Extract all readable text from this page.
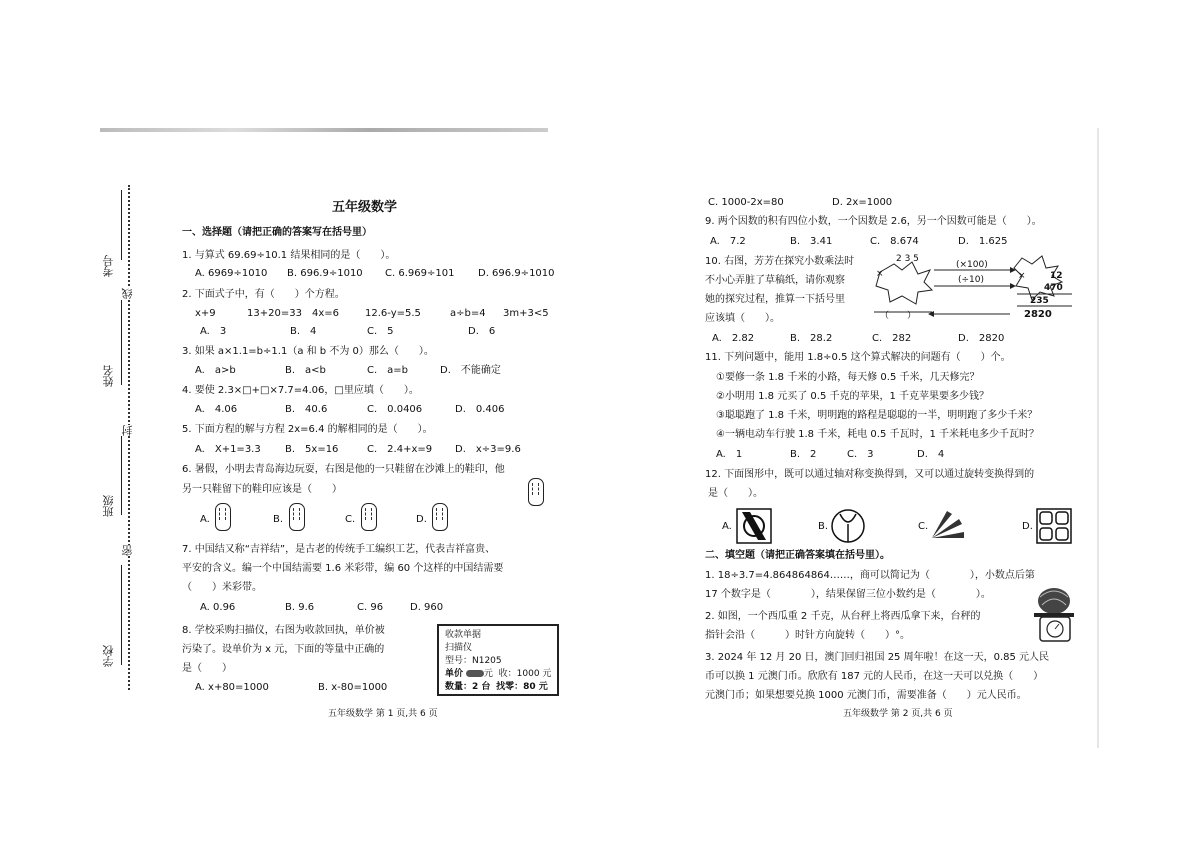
考号
姓名
班级
学校
线
封
密
五年级数学
一、选择题（请把正确的答案写在括号里）
1. 与算式 69.69÷10.1 结果相同的是（　　）。
A. 6969÷1010 B. 696.9÷1010 C. 6.969÷101 D. 696.9÷1010
2. 下面式子中，有（　　）个方程。
x+9	13+20=33 4x=6	12.6-y=5.5	a÷b=4 3m+3<5
A.　3	B.　4	C.　5	D.　6
3. 如果 a×1.1=b÷1.1（a 和 b 不为 0）那么（　　）。
A.　a>b	B.　a<b	C.　a=b	D.　不能确定
4. 要使 2.3×□+□×7.7=4.06，□里应填（　　）。
A.　4.06	B.　40.6	C.　0.0406	D.　0.406
5. 下面方程的解与方程 2x=6.4 的解相同的是（　　）。
A.　X+1=3.3 B.　5x=16	C.　2.4+x=9 D.　x÷3=9.6
6. 暑假，小明去青岛海边玩耍，右图是他的一只鞋留在沙滩上的鞋印，他
另一只鞋留下的鞋印应该是（　　）
A.	B.	C.	D.
7. 中国结又称“吉祥结”，是古老的传统手工编织工艺，代表吉祥富贵、
平安的含义。编一个中国结需要 1.6 米彩带，编 60 个这样的中国结需要
（　　）米彩带。
A. 0.96	B. 9.6	C. 96	D. 960
8. 学校采购扫描仪，右图为收款回执，单价被
污染了。设单价为 x 元，下面的等量中正确的
是（　　）
A. x+80=1000	B. x-80=1000
收款单据
扫描仪
型号：N1205
单价 元 收：1000 元
数量：2 台 找零：80 元
五年级数学 第 1 页,共 6 页
C. 1000-2x=80	D. 2x=1000
9. 两个因数的积有四位小数，一个因数是 2.6，另一个因数可能是（　　）。
A.　7.2	B.　3.41	C.　8.674	D.　1.625
10. 右图，芳芳在探究小数乘法时
不小心弄脏了草稿纸，请你观察
她的探究过程，推算一下括号里
应该填（　　）。
2 3 5
×
(×100)
(÷10)	×	12
470
235
2820
（　　）
A.　2.82	B.　28.2	C.　282	D.　2820
11. 下列问题中，能用 1.8÷0.5 这个算式解决的问题有（　　）个。
①要修一条 1.8 千米的小路，每天修 0.5 千米，几天修完？
②小明用 1.8 元买了 0.5 千克的苹果，1 千克苹果要多少钱？
③聪聪跑了 1.8 千米，明明跑的路程是聪聪的一半，明明跑了多少千米？
④一辆电动车行驶 1.8 千米，耗电 0.5 千瓦时，1 千米耗电多少千瓦时？
A.　1	B.　2	C.　3	D.　4
12. 下面图形中，既可以通过轴对称变换得到，又可以通过旋转变换得到的
是（　　）。
A.	B.	C.	D.
二、填空题（请把正确答案填在括号里）。
1. 18÷3.7=4.864864864……，商可以简记为（　　　　），小数点后第
17 个数字是（　　　　），结果保留三位小数约是（　　　　）。
2. 如图，一个西瓜重 2 千克，从台秤上将西瓜拿下来，台秤的
指针会沿（　　　）时针方向旋转（　　）°。
3. 2024 年 12 月 20 日，澳门回归祖国 25 周年啦！在这一天，0.85 元人民
币可以换 1 元澳门币。欣欣有 187 元的人民币，在这一天可以兑换（　　）
元澳门币；如果想要兑换 1000 元澳门币，需要准备（　　）元人民币。
五年级数学 第 2 页,共 6 页
